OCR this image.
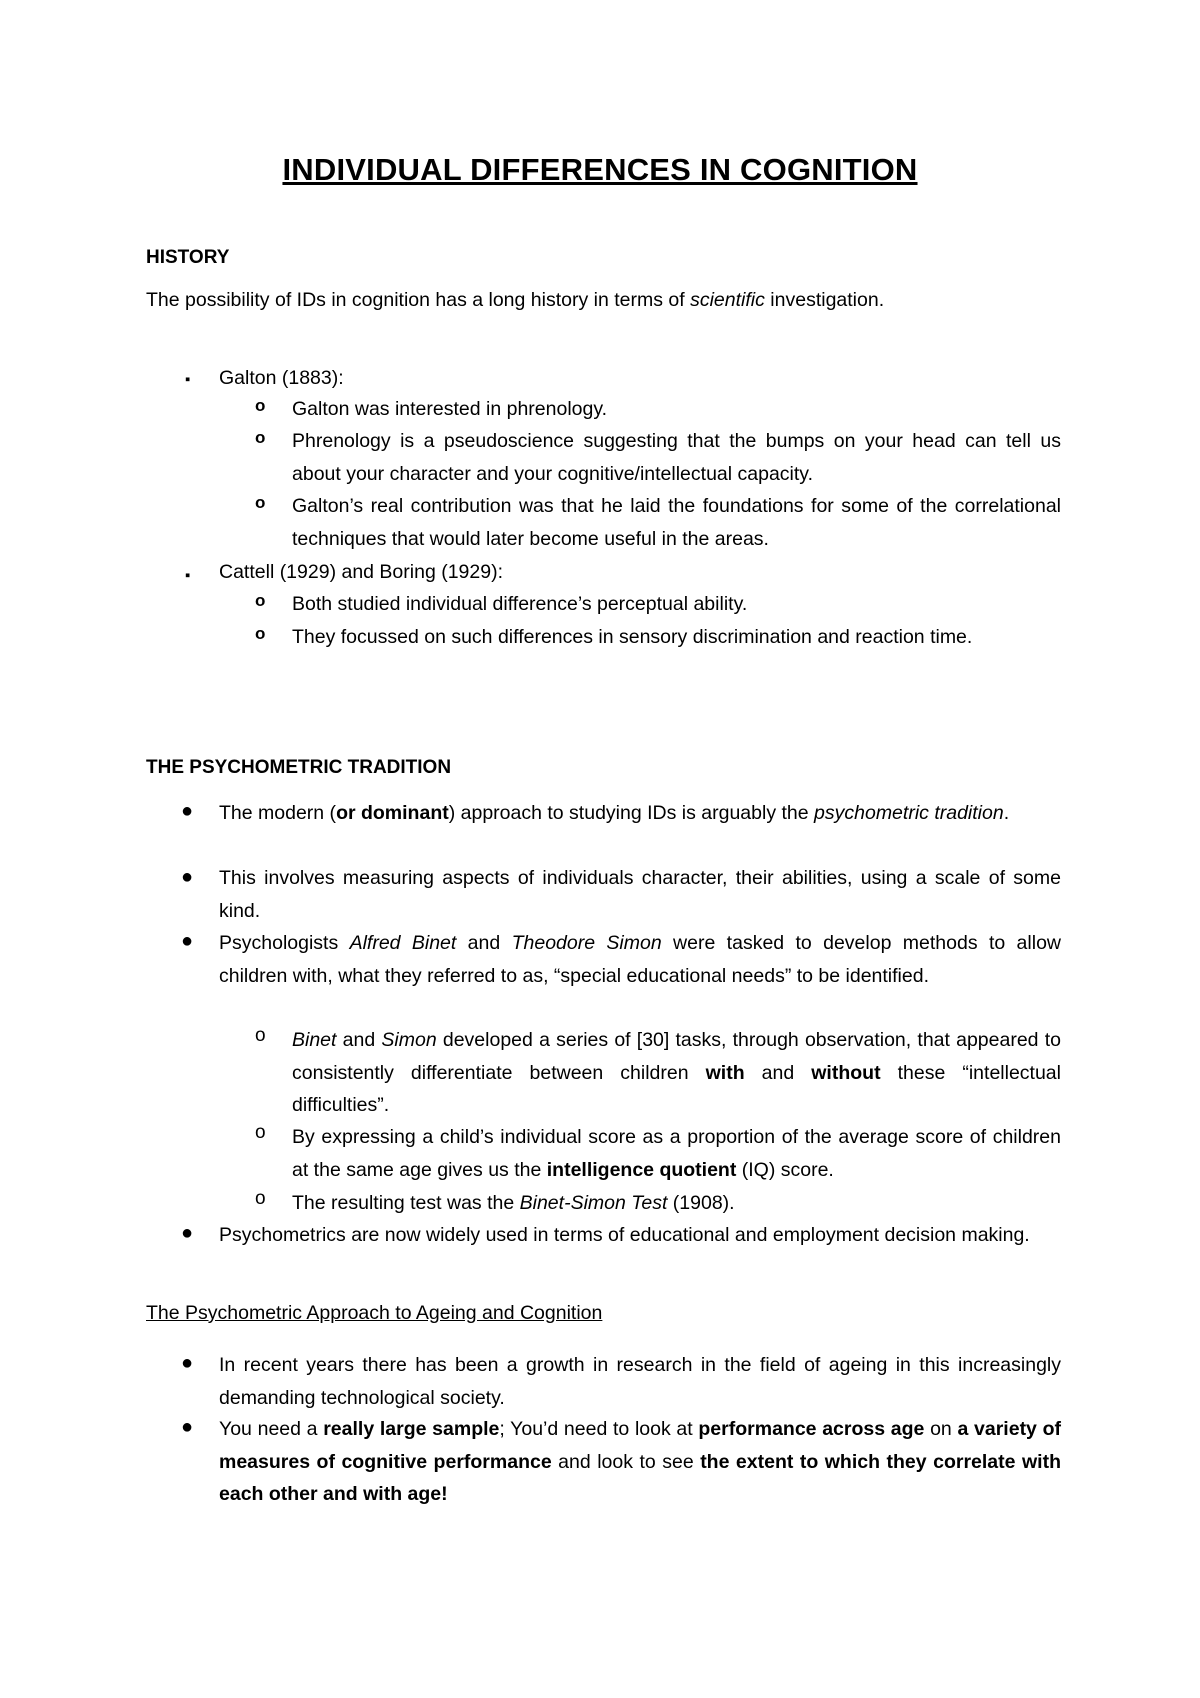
INDIVIDUAL DIFFERENCES IN COGNITION
HISTORY
The possibility of IDs in cognition has a long history in terms of scientific investigation.
▪ Galton (1883):
o Galton was interested in phrenology.
o Phrenology is a pseudoscience suggesting that the bumps on your head can tell us about your character and your cognitive/intellectual capacity.
o Galton’s real contribution was that he laid the foundations for some of the correlational techniques that would later become useful in the areas.
▪ Cattell (1929) and Boring (1929):
o Both studied individual difference’s perceptual ability.
o They focussed on such differences in sensory discrimination and reaction time.
THE PSYCHOMETRIC TRADITION
● The modern (or dominant) approach to studying IDs is arguably the psychometric tradition.
● This involves measuring aspects of individuals character, their abilities, using a scale of some kind.
● Psychologists Alfred Binet and Theodore Simon were tasked to develop methods to allow children with, what they referred to as, “special educational needs” to be identified.
o Binet and Simon developed a series of [30] tasks, through observation, that appeared to consistently differentiate between children with and without these “intellectual difficulties”.
o By expressing a child’s individual score as a proportion of the average score of children at the same age gives us the intelligence quotient (IQ) score.
o The resulting test was the Binet-Simon Test (1908).
● Psychometrics are now widely used in terms of educational and employment decision making.
The Psychometric Approach to Ageing and Cognition
● In recent years there has been a growth in research in the field of ageing in this increasingly demanding technological society.
● You need a really large sample; You’d need to look at performance across age on a variety of measures of cognitive performance and look to see the extent to which they correlate with each other and with age!
